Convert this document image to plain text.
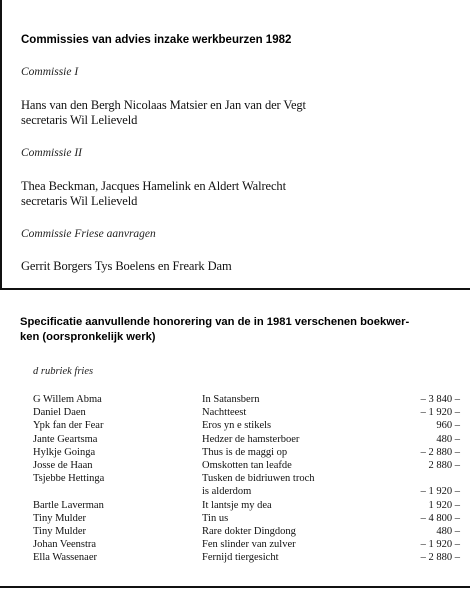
Commissies van advies inzake werkbeurzen 1982
Commissie I
Hans van den Bergh Nicolaas Matsier en Jan van der Vegt
secretaris Wil Lelieveld
Commissie II
Thea Beckman, Jacques Hamelink en Aldert Walrecht
secretaris Wil Lelieveld
Commissie Friese aanvragen
Gerrit Borgers Tys Boelens en Freark Dam
Specificatie aanvullende honorering van de in 1981 verschenen boekwer-
ken (oorspronkelijk werk)
d rubriek fries
G Willem Abma	In Satansbern	– 3 840 –
Daniel Daen	Nachtteest	– 1 920 –
Ypk fan der Fear	Eros yn e stikels	960 –
Jante Geartsma	Hedzer de hamsterboer	480 –
Hylkje Goinga	Thus is de maggi op	– 2 880 –
Josse de Haan	Omskotten tan leafde	2 880 –
Tsjebbe Hettinga	Tusken de bidriuwen troch
is alderdom	– 1 920 –
Bartle Laverman	It lantsje my dea	1 920 –
Tiny Mulder	Tin us	– 4 800 –
Tiny Mulder	Rare dokter Dingdong	480 –
Johan Veenstra	Fen slinder van zulver	– 1 920 –
Ella Wassenaer	Fernijd tiergesicht	– 2 880 –
